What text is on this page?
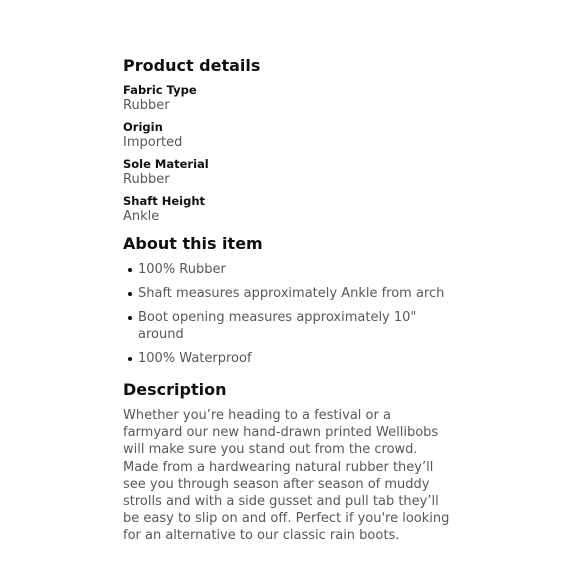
Product details

Fabric Type

Rubber

Origin

Imported

Sole Material

Rubber

Shaft Height

Ankle

About this item
100% Rubber
Shaft measures approximately Ankle from arch
Boot opening measures approximately 10" around
100% Waterproof
Description

Whether you’re heading to a festival or a farmyard our new hand-drawn printed Wellibobs will make sure you stand out from the crowd. Made from a hardwearing natural rubber they’ll see you through season after season of muddy strolls and with a side gusset and pull tab they’ll be easy to slip on and off. Perfect if you're looking for an alternative to our classic rain boots.
